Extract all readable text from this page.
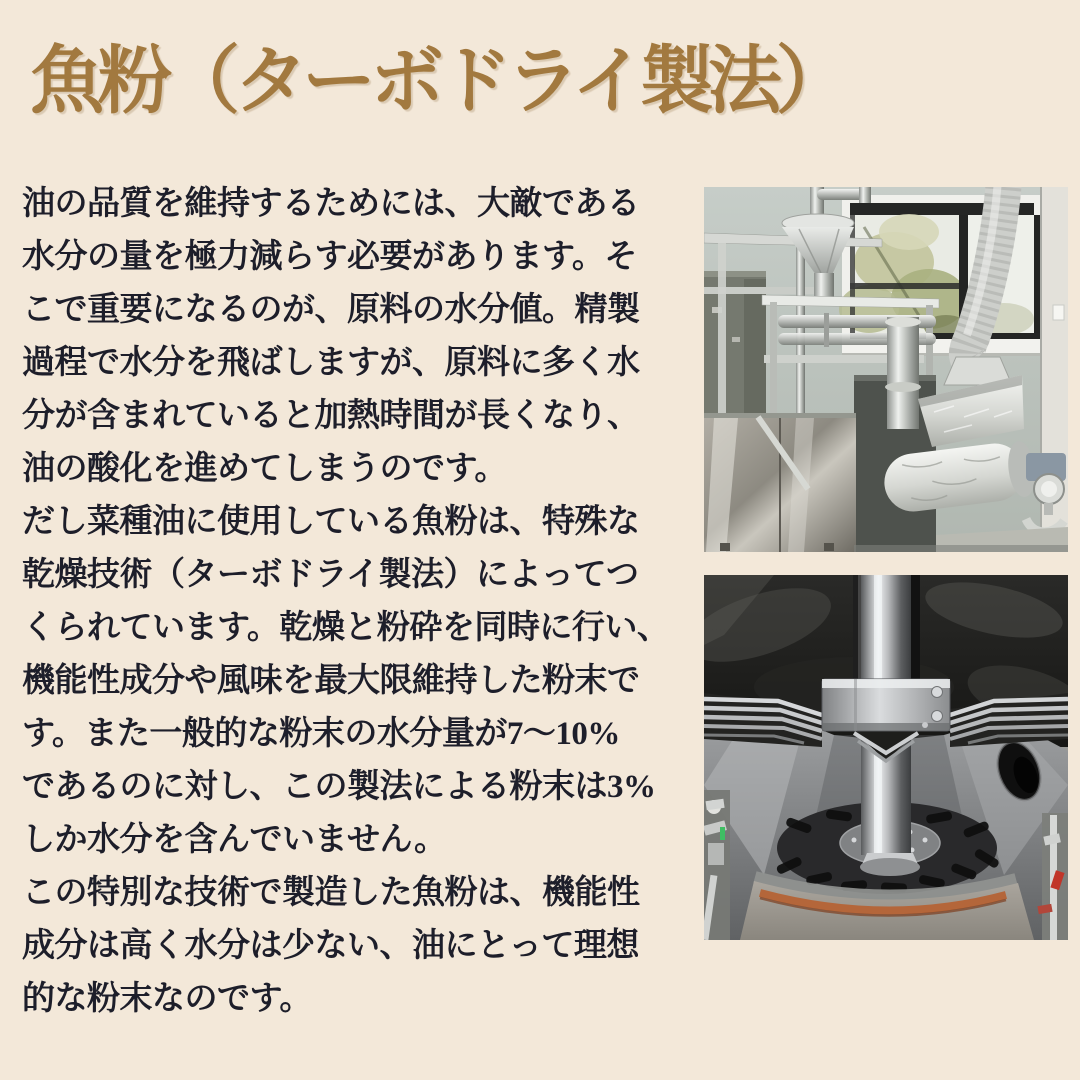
魚粉（ターボドライ製法）
油の品質を維持するためには、大敵である
水分の量を極力減らす必要があります。そ
こで重要になるのが、原料の水分値。精製
過程で水分を飛ばしますが、原料に多く水
分が含まれていると加熱時間が長くなり、
油の酸化を進めてしまうのです。
だし菜種油に使用している魚粉は、特殊な
乾燥技術（ターボドライ製法）によってつ
くられています。乾燥と粉砕を同時に行い、
機能性成分や風味を最大限維持した粉末で
す。また一般的な粉末の水分量が7〜10%
であるのに対し、この製法による粉末は3%
しか水分を含んでいません。
この特別な技術で製造した魚粉は、機能性
成分は高く水分は少ない、油にとって理想
的な粉末なのです。
